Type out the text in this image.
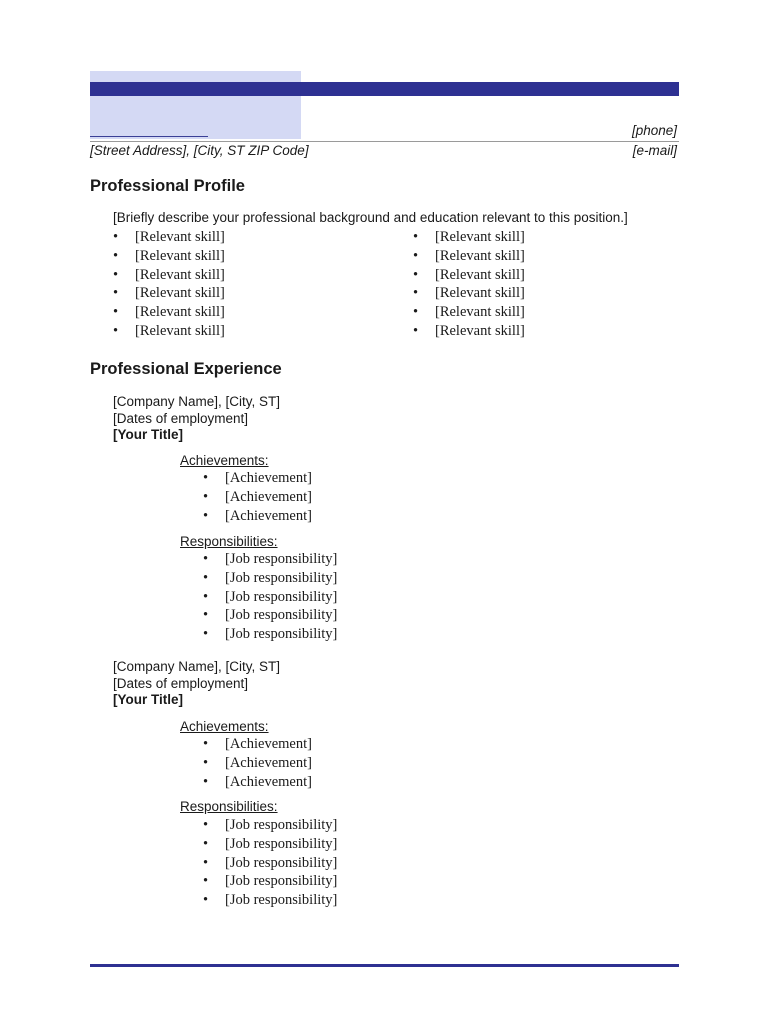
[phone]
[Street Address], [City, ST ZIP Code]	[e-mail]
Professional Profile
[Briefly describe your professional background and education relevant to this position.]
• [Relevant skill]
• [Relevant skill]
• [Relevant skill]
• [Relevant skill]
• [Relevant skill]
• [Relevant skill]
• [Relevant skill]
• [Relevant skill]
• [Relevant skill]
• [Relevant skill]
• [Relevant skill]
• [Relevant skill]
Professional Experience
[Company Name], [City, ST]
[Dates of employment]
[Your Title]
Achievements:
• [Achievement]
• [Achievement]
• [Achievement]
Responsibilities:
• [Job responsibility]
• [Job responsibility]
• [Job responsibility]
• [Job responsibility]
• [Job responsibility]
[Company Name], [City, ST]
[Dates of employment]
[Your Title]
Achievements:
• [Achievement]
• [Achievement]
• [Achievement]
Responsibilities:
• [Job responsibility]
• [Job responsibility]
• [Job responsibility]
• [Job responsibility]
• [Job responsibility]
